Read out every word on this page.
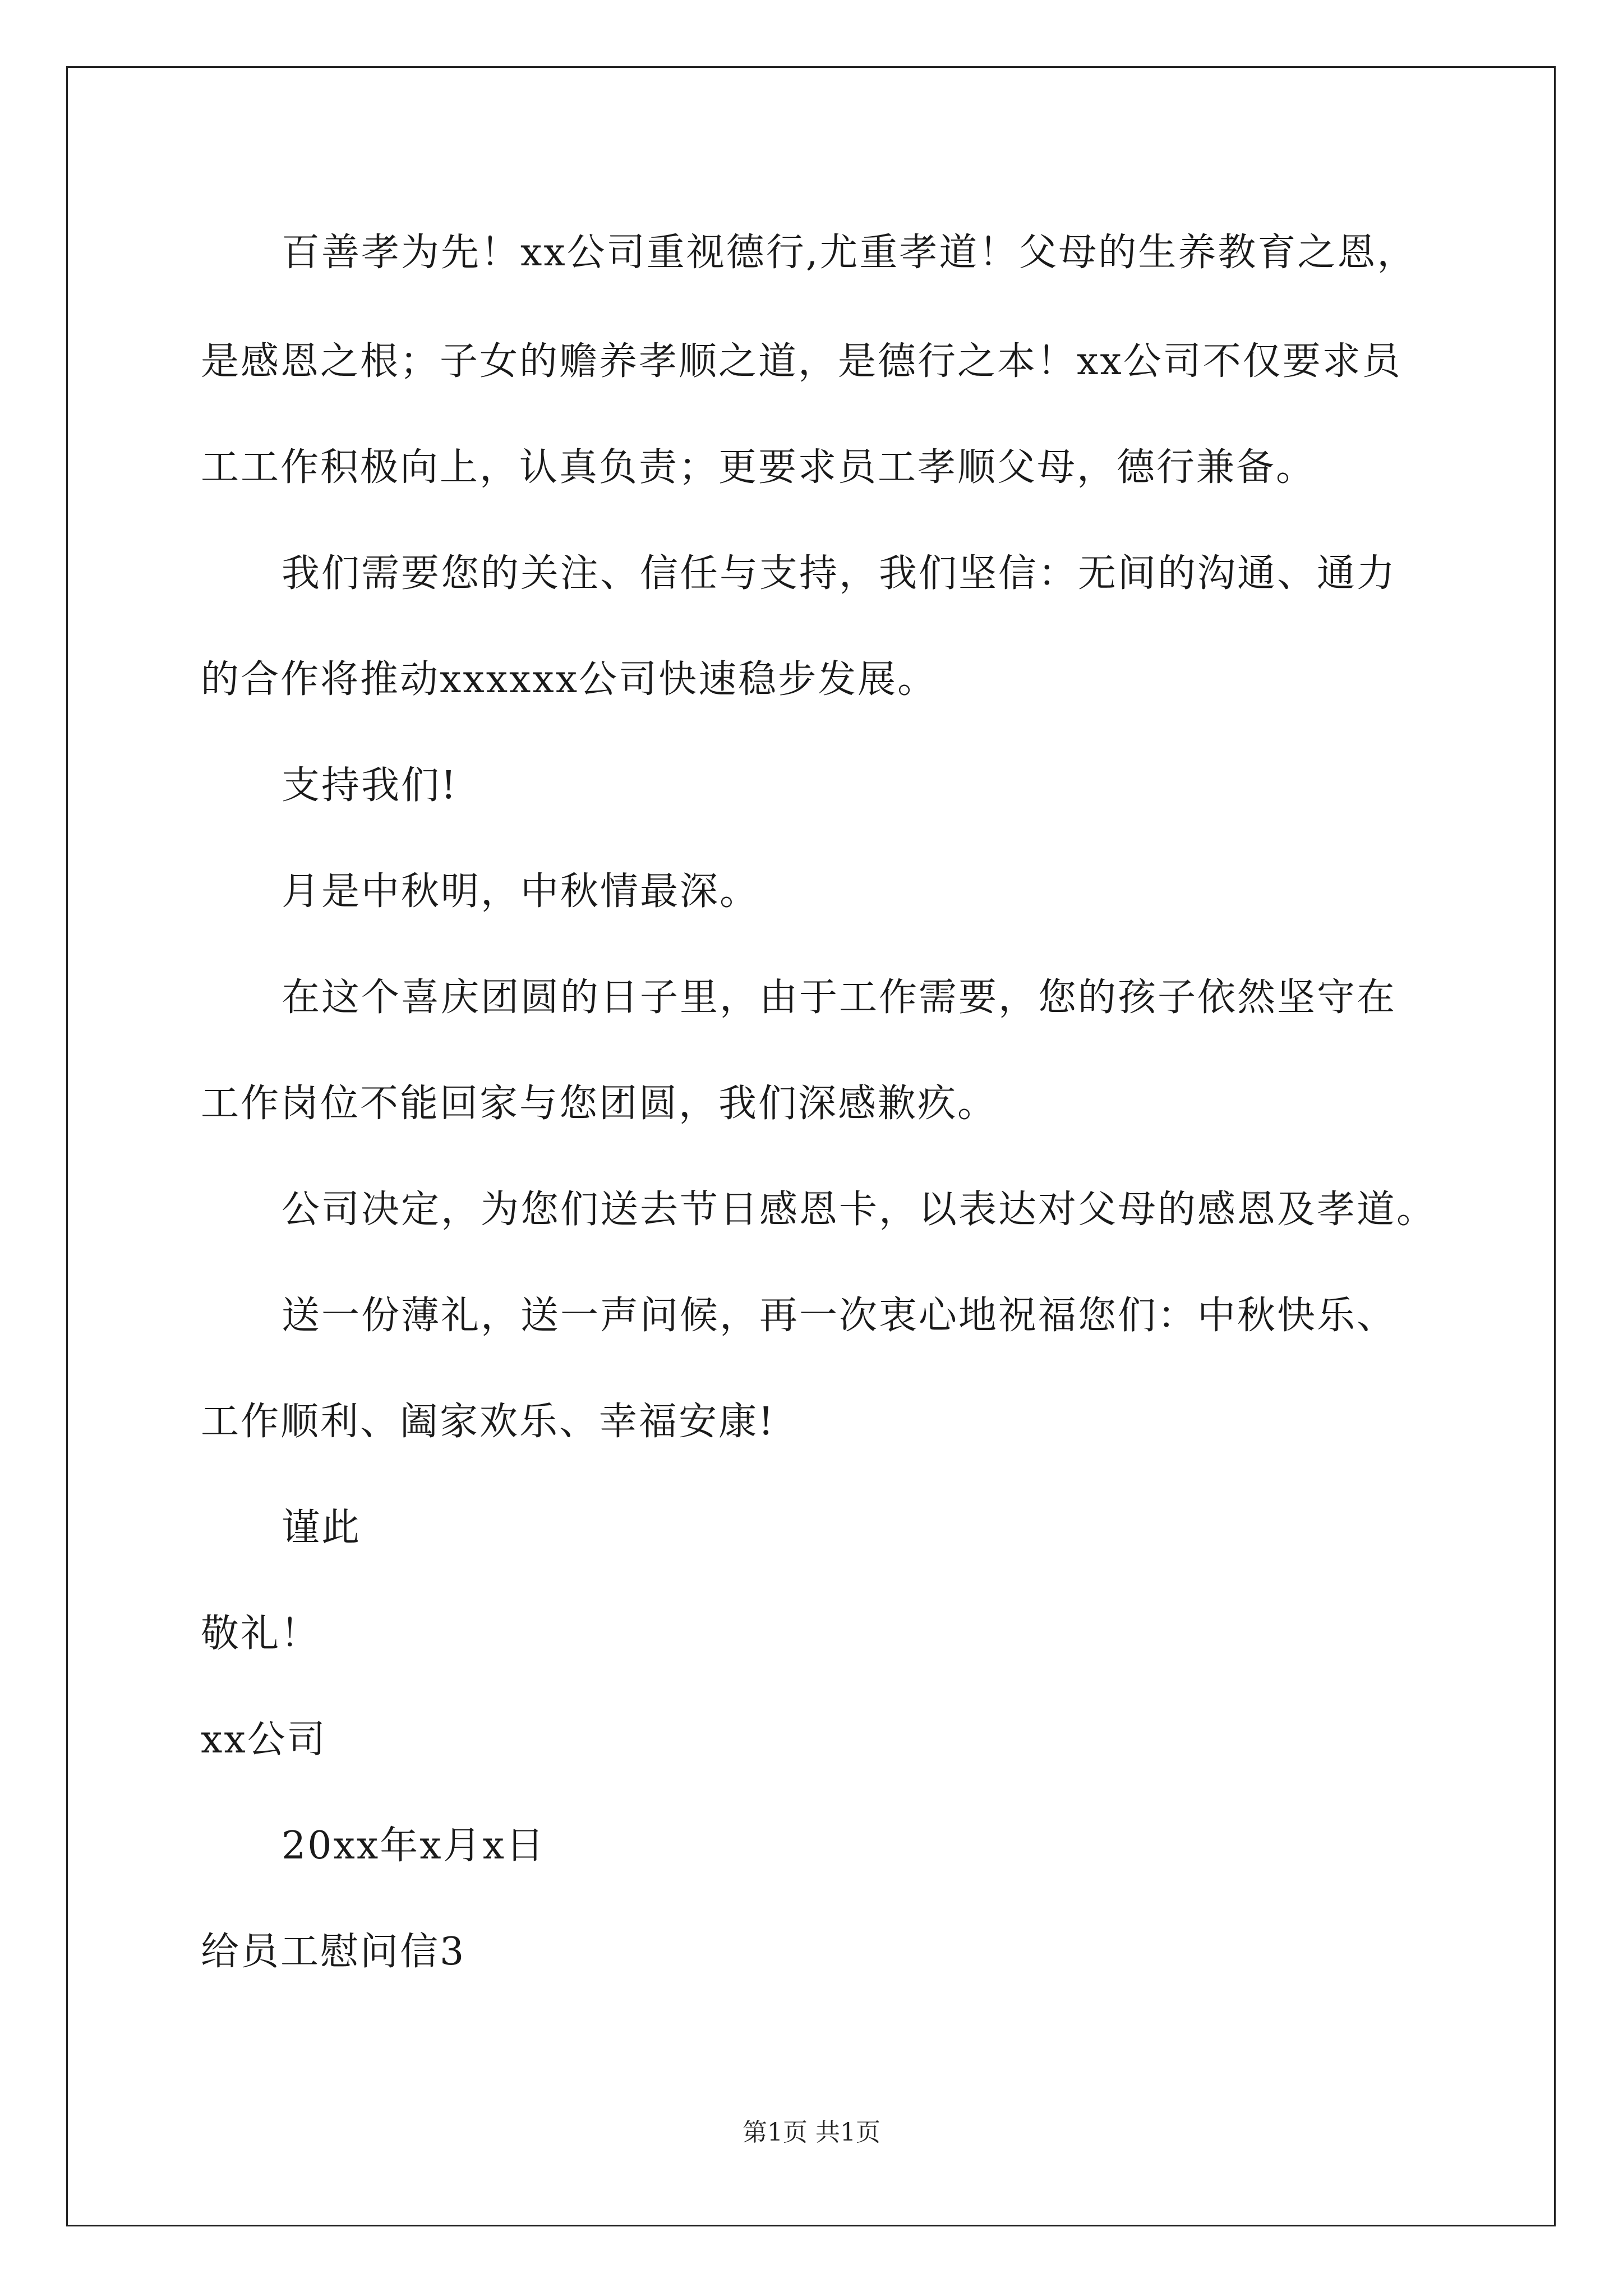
百善孝为先！xx公司重视德行,尤重孝道！父母的生养教育之恩，
是感恩之根；子女的赡养孝顺之道，是德行之本！xx公司不仅要求员
工工作积极向上，认真负责；更要求员工孝顺父母，德行兼备。
我们需要您的关注、信任与支持，我们坚信：无间的沟通、通力
的合作将推动xxxxxx公司快速稳步发展。
支持我们!
月是中秋明，中秋情最深。
在这个喜庆团圆的日子里，由于工作需要，您的孩子依然坚守在
工作岗位不能回家与您团圆，我们深感歉疚。
公司决定，为您们送去节日感恩卡，以表达对父母的感恩及孝道。
送一份薄礼，送一声问候，再一次衷心地祝福您们：中秋快乐、
工作顺利、阖家欢乐、幸福安康!
谨此
敬礼！
xx公司
20xx年x月x日
给员工慰问信3
第1页 共1页
